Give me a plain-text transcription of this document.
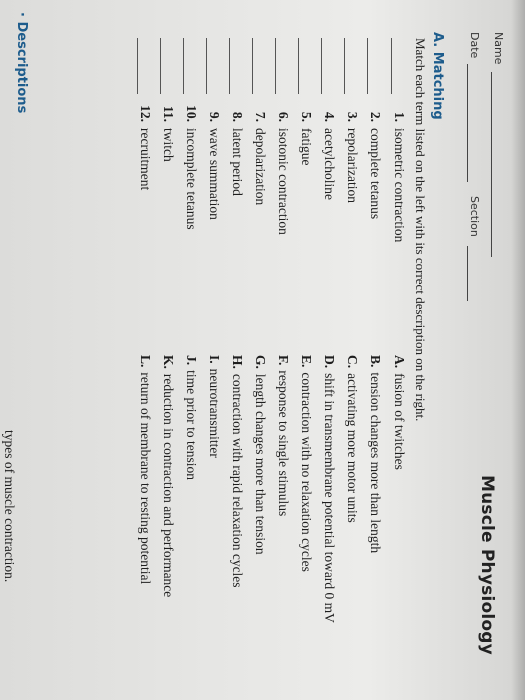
Name
Date
Section
Muscle Physiology
A. Matching
Match each term listed on the left with its correct description on the right.
1.isometric contraction
2.complete tetanus
3.repolarization
4.acetylcholine
5.fatigue
6.isotonic contraction
7.depolarization
8.latent period
9.wave summation
10.incomplete tetanus
11.twitch
12.recruitment
A.fusion of twitches
B.tension changes more than length
C.activating more motor units
D.shift in transmembrane potential toward 0 mV
E.contraction with no relaxation cycles
F.response to single stimulus
G.length changes more than tension
H.contraction with rapid relaxation cycles
I.neurotransmitter
J.time prior to tension
K.reduction in contraction and performance
L.return of membrane to resting potential
· Descriptions
types of muscle contraction.
